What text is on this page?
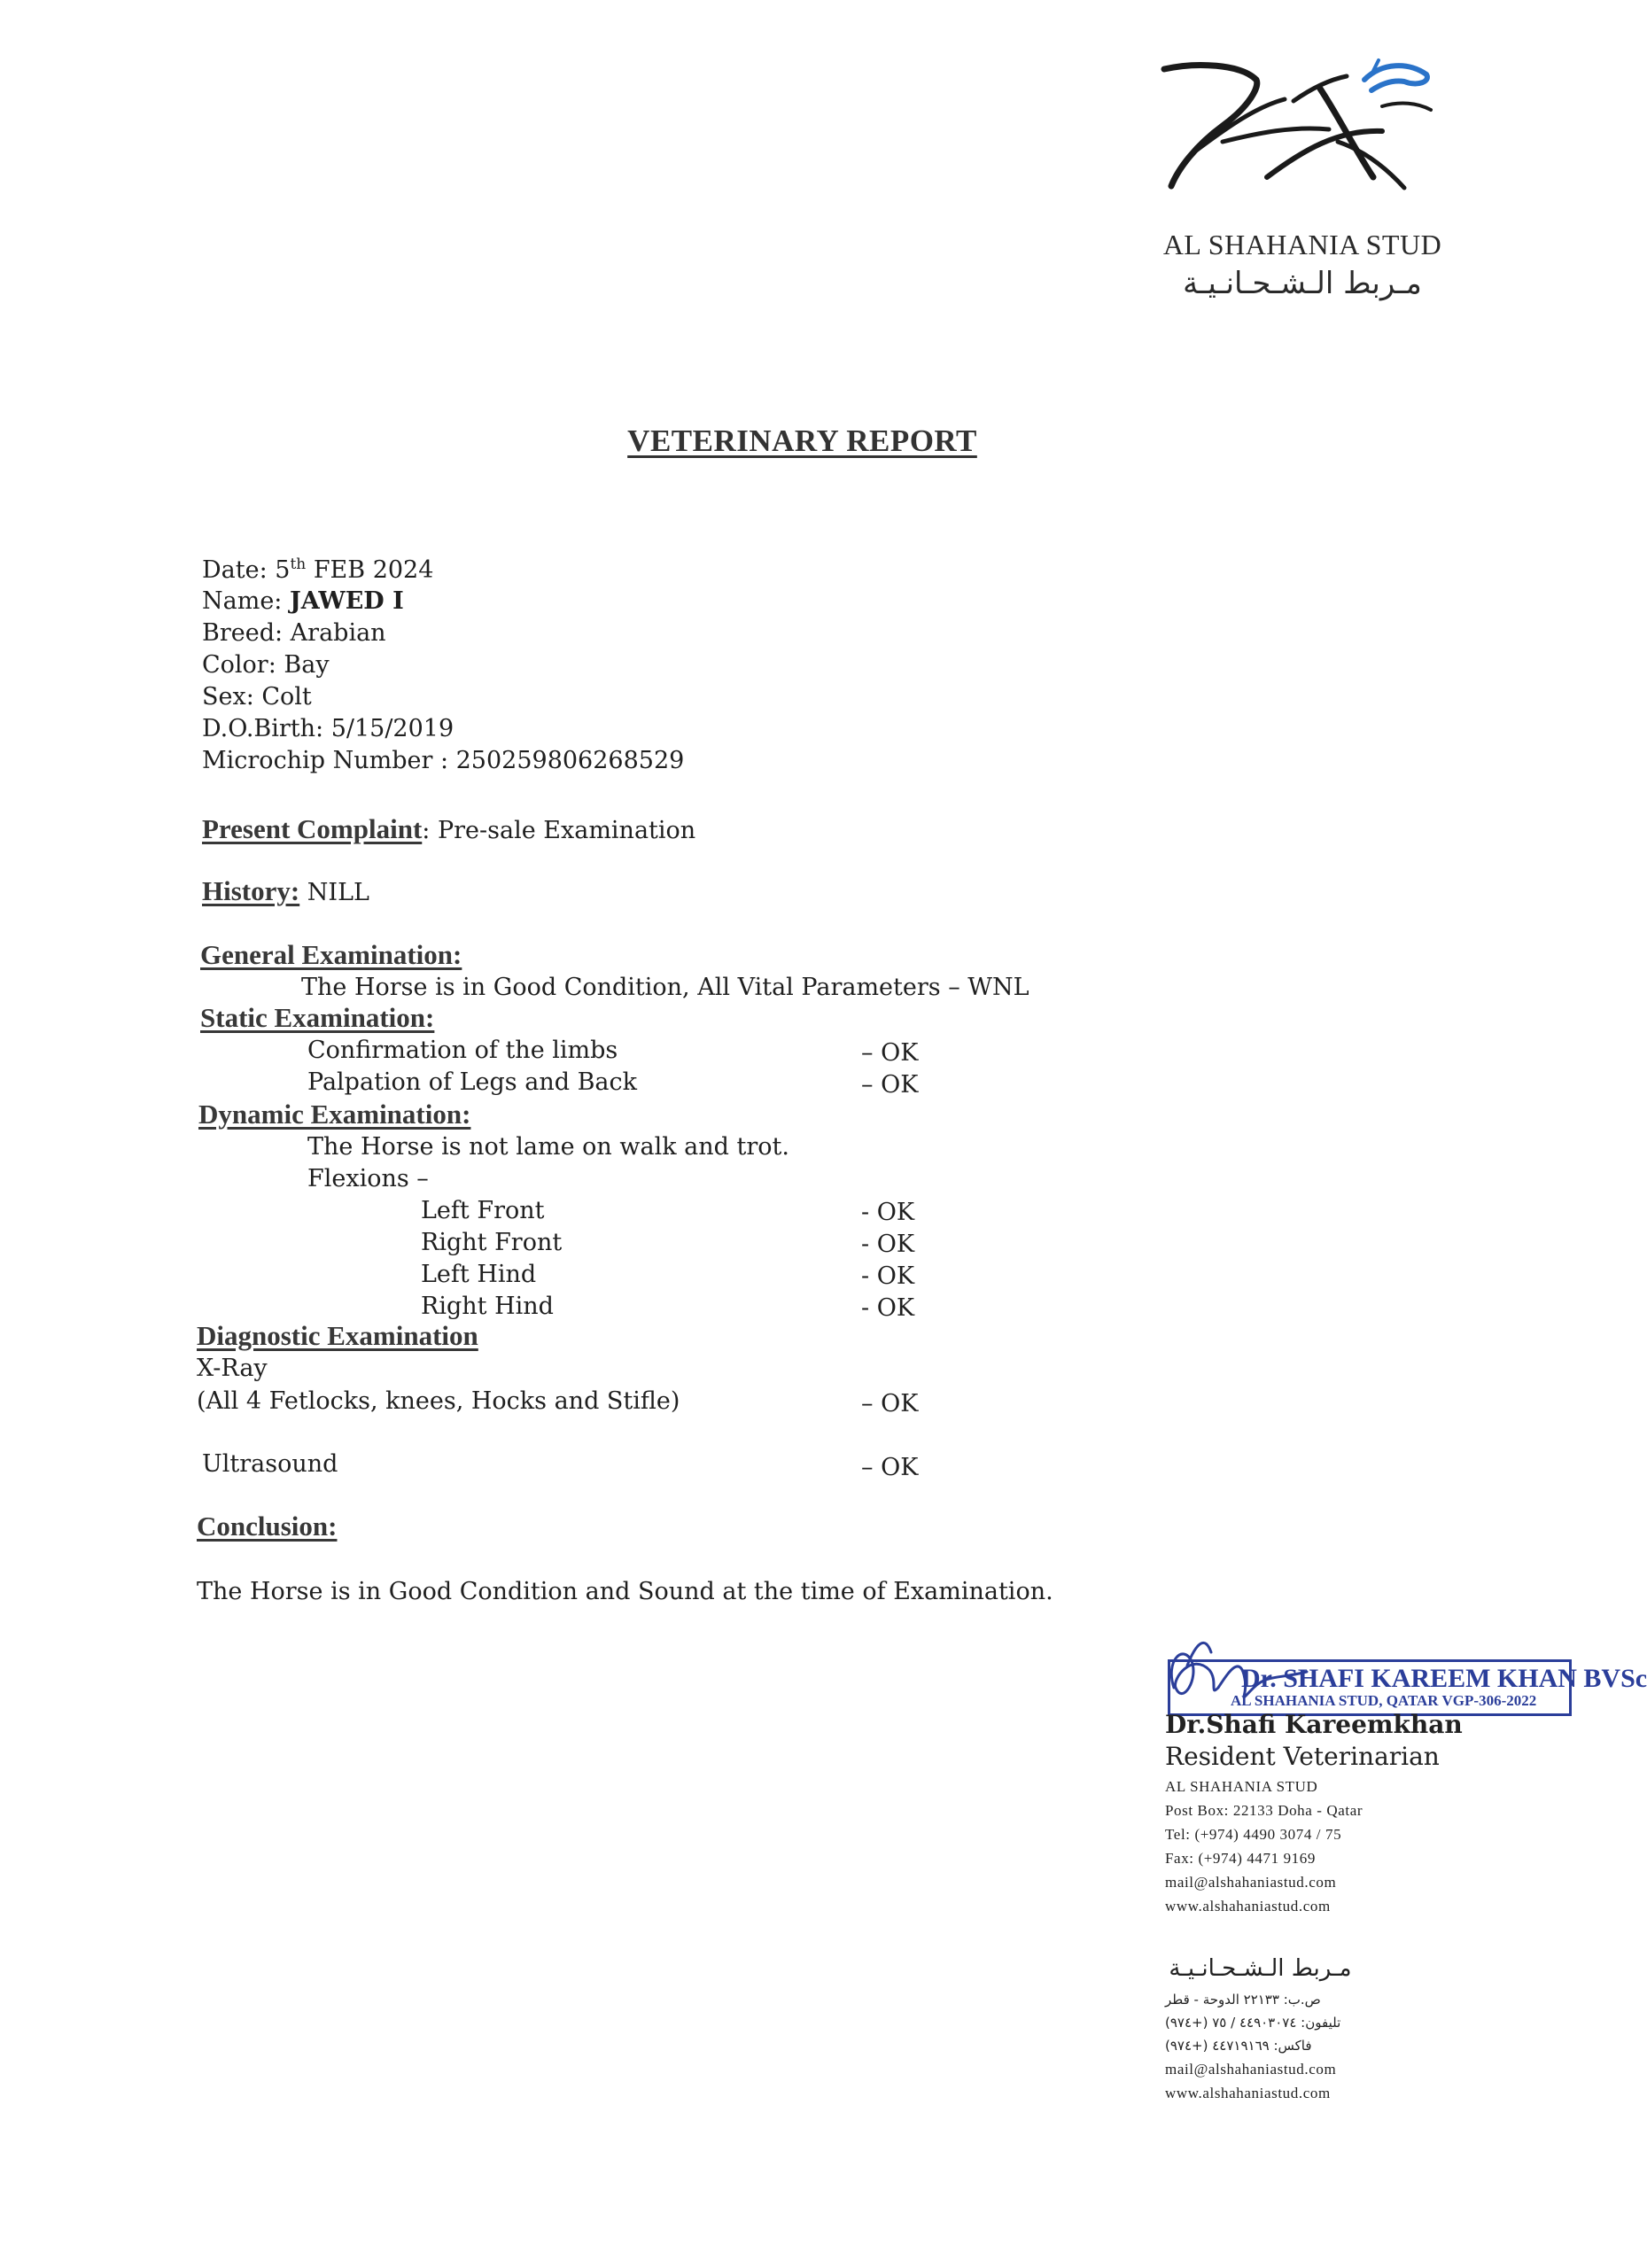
AL SHAHANIA STUD
مـربط الـشـحـانـيـة
VETERINARY REPORT
Date: 5th FEB 2024
Name: JAWED I
Breed: Arabian
Color: Bay
Sex: Colt
D.O.Birth: 5/15/2019
Microchip Number : 250259806268529
Present Complaint: Pre-sale Examination
History: NILL
General Examination:
The Horse is in Good Condition, All Vital Parameters – WNL
Static Examination:
Confirmation of the limbs	– OK
Palpation of Legs and Back	– OK
Dynamic Examination:
The Horse is not lame on walk and trot.
Flexions –
Left Front	- OK
Right Front	- OK
Left Hind	- OK
Right Hind	- OK
Diagnostic Examination
X-Ray
(All 4 Fetlocks, knees, Hocks and Stifle)	– OK
Ultrasound	– OK
Conclusion:
The Horse is in Good Condition and Sound at the time of Examination.
Dr. SHAFI KAREEM KHAN BVSc
AL SHAHANIA STUD, QATAR VGP-306-2022
Dr.Shafi Kareemkhan
Resident Veterinarian
AL SHAHANIA STUD
Post Box: 22133 Doha - Qatar
Tel: (+974) 4490 3074 / 75
Fax: (+974) 4471 9169
mail@alshahaniastud.com
www.alshahaniastud.com
مـربط الـشـحـانـيـة
ص.ب: ٢٢١٣٣ الدوحة - قطر
تليفون: ٤٤٩٠٣٠٧٤ / ٧٥ (+٩٧٤)
فاكس: ٤٤٧١٩١٦٩ (+٩٧٤)
mail@alshahaniastud.com
www.alshahaniastud.com
